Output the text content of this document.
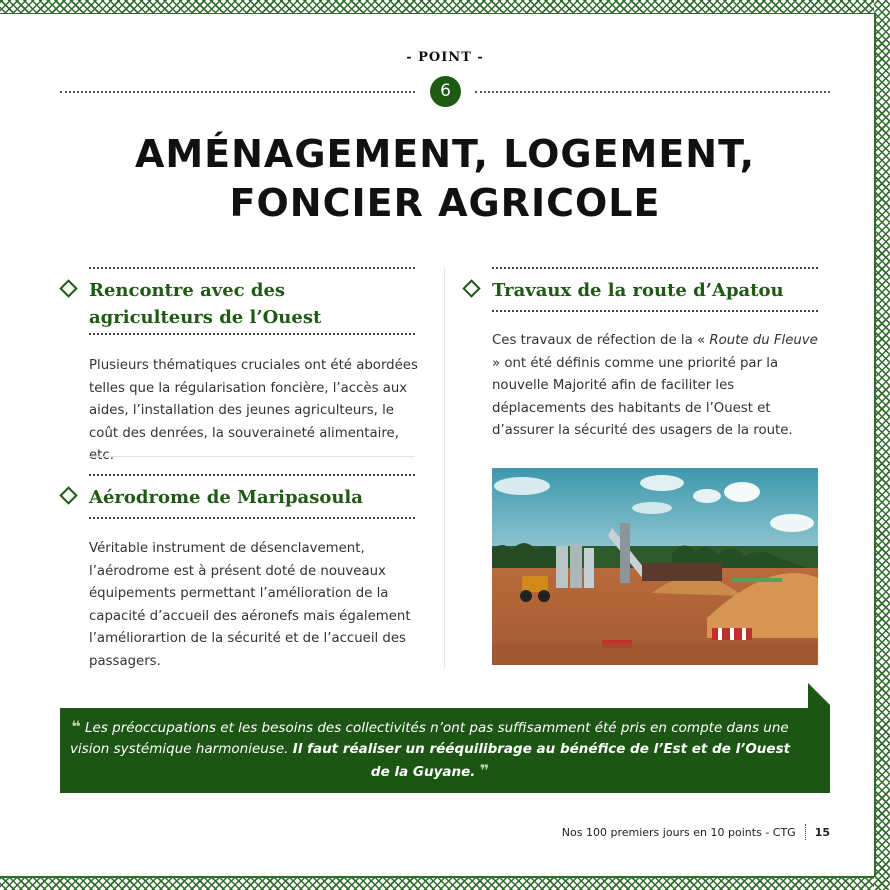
- POINT -
6
AMÉNAGEMENT, LOGEMENT,
FONCIER AGRICOLE
Rencontre avec des agriculteurs de l’Ouest

Plusieurs thématiques cruciales ont été abordées telles que la régularisation foncière, l’accès aux aides, l’installation des jeunes agriculteurs, le coût des denrées, la souveraineté alimentaire, etc.

Aérodrome de Maripasoula

Véritable instrument de désenclavement, l’aérodrome est à présent doté de nouveaux équipements permettant l’amélioration de la capacité d’accueil des aéronefs mais également l’améliorartion de la sécurité et de l’accueil des passagers.

Travaux de la route d’Apatou

Ces travaux de réfection de la « Route du Fleuve » ont été définis comme une priorité par la nouvelle Majorité afin de faciliter les déplacements des habitants de l’Ouest et d’assurer la sécurité des usagers de la route.

❝ Les préoccupations et les besoins des collectivités n’ont pas suffisamment été pris en compte dans une vision systémique harmonieuse. Il faut réaliser un rééquilibrage au bénéfice de l’Est et de l’Ouest de la Guyane. ❞

Nos 100 premiers jours en 10 points - CTG 15
